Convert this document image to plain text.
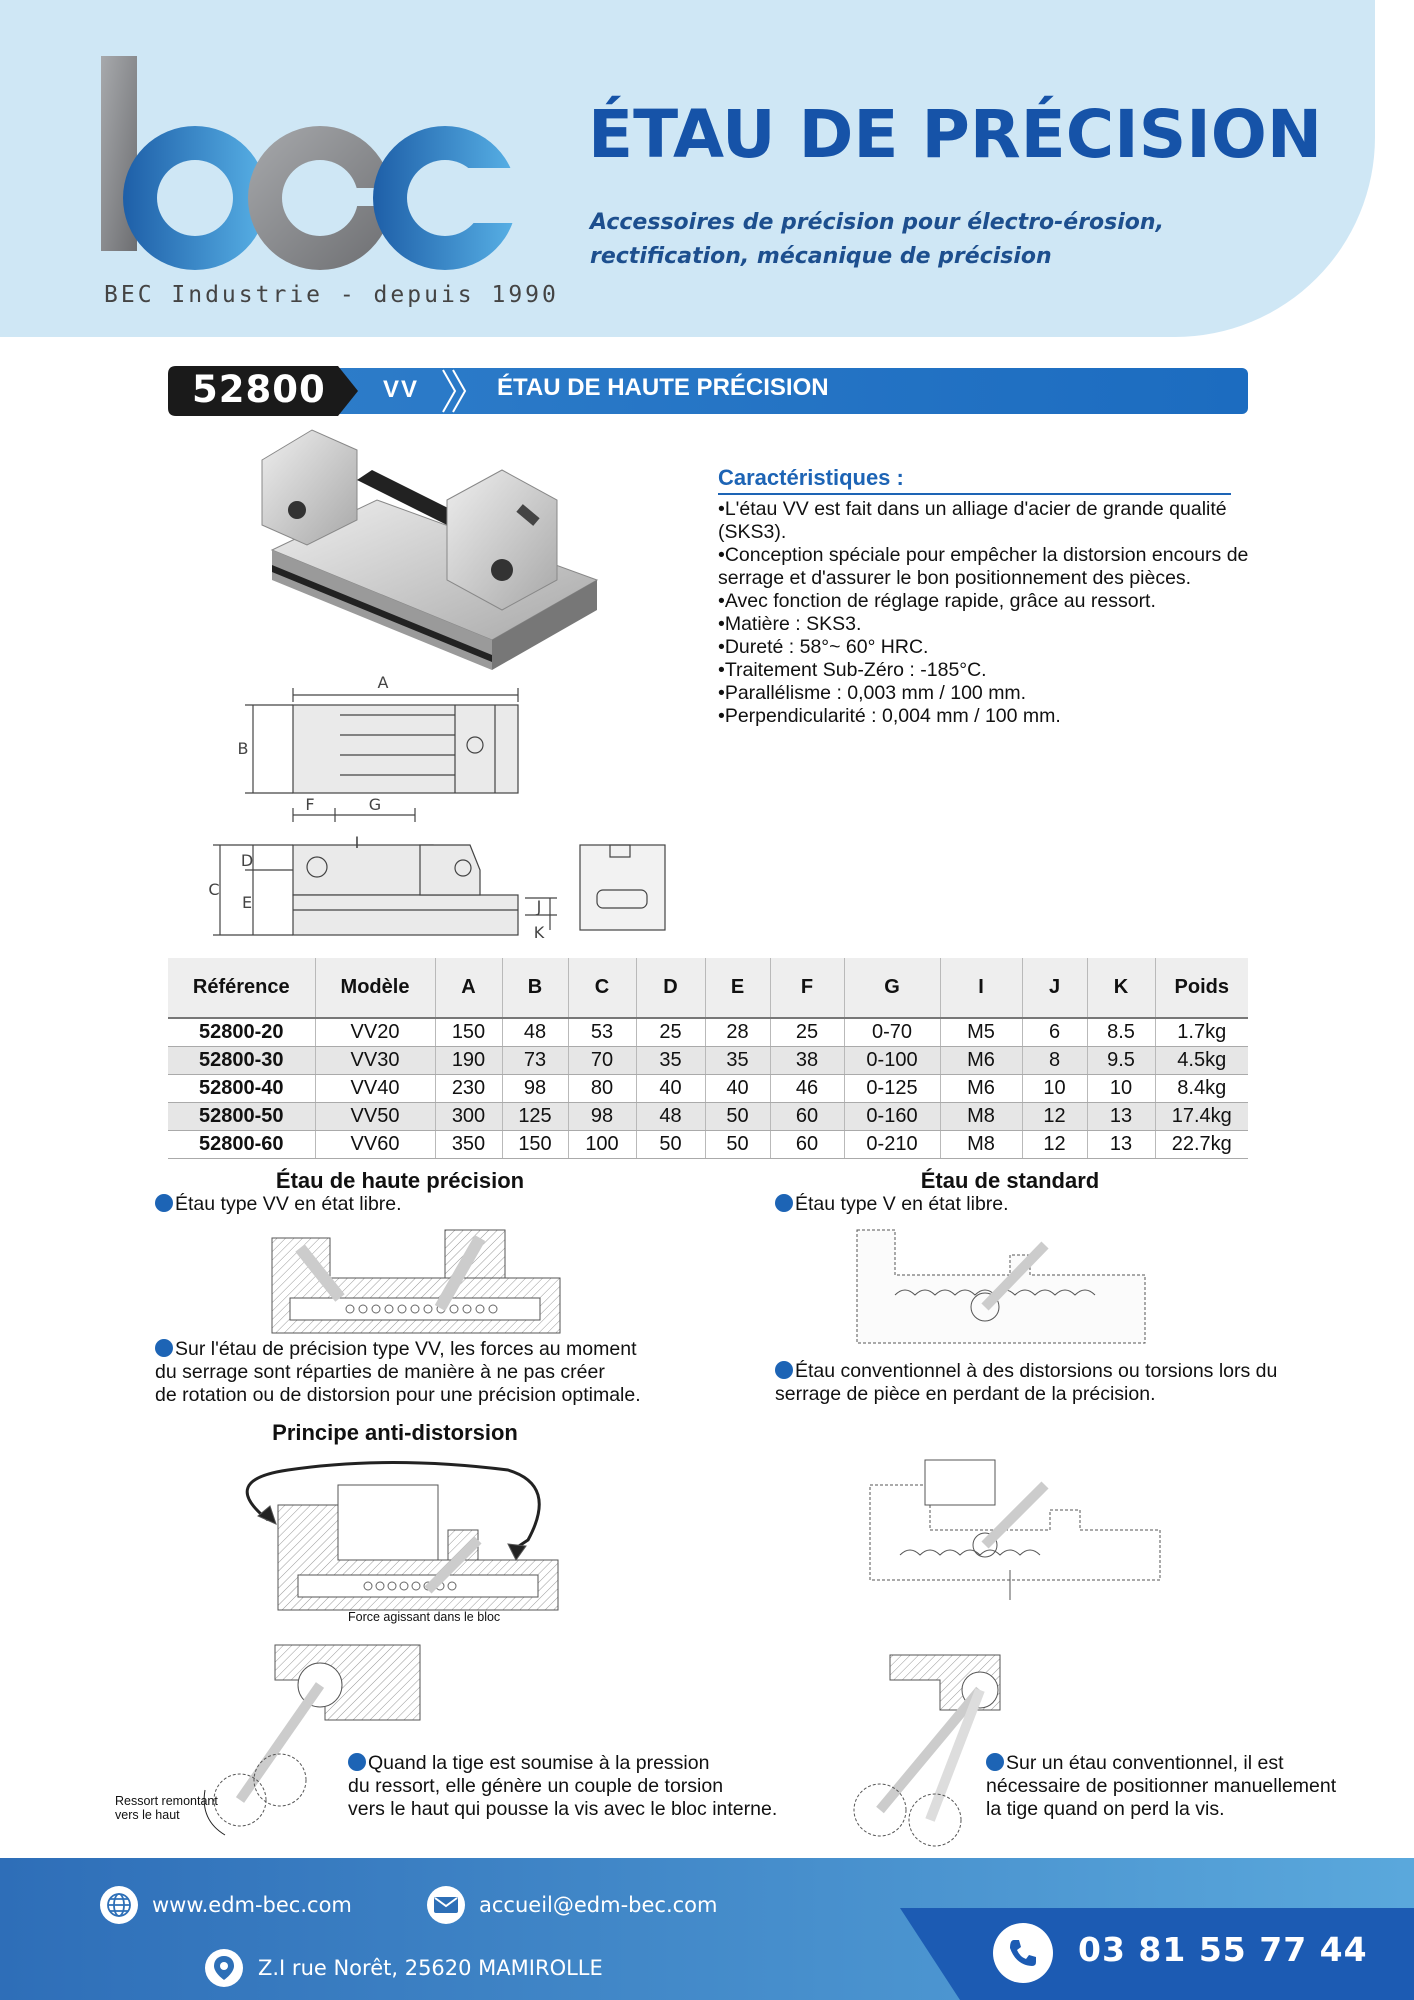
BEC Industrie - depuis 1990
ÉTAU DE PRÉCISION
Accessoires de précision pour électro-érosion, rectification, mécanique de précision
52800 VV	ÉTAU DE HAUTE PRÉCISION
A
B
F	G
I
C
D
E	J
K
Caractéristiques :
•L'étau VV est fait dans un alliage d'acier de grande qualité (SKS3).
•Conception spéciale pour empêcher la distorsion encours de serrage et d'assurer le bon positionnement des pièces.
•Avec fonction de réglage rapide, grâce au ressort.
•Matière : SKS3.
•Dureté : 58°~ 60° HRC.
•Traitement Sub-Zéro : -185°C.
•Parallélisme : 0,003 mm / 100 mm.
•Perpendicularité : 0,004 mm / 100 mm.
Référence	Modèle	A	B	C	D	E	F	G	I	J	K	Poids
52800-20	VV20	150	48	53	25	28	25	0-70	M5	6	8.5	1.7kg
52800-30	VV30	190	73	70	35	35	38	0-100	M6	8	9.5	4.5kg
52800-40	VV40	230	98	80	40	40	46	0-125	M6	10	10	8.4kg
52800-50	VV50	300	125	98	48	50	60	0-160	M8	12	13	17.4kg
52800-60	VV60	350	150	100	50	50	60	0-210	M8	12	13	22.7kg
Étau de haute précision
Étau type VV en état libre.
Sur l'étau de précision type VV, les forces au moment
du serrage sont réparties de manière à ne pas créer
de rotation ou de distorsion pour une précision optimale.
Étau de standard
Étau type V en état libre.
Étau conventionnel à des distorsions ou torsions lors du
serrage de pièce en perdant de la précision.
Principe anti-distorsion
Force agissant dans le bloc
Ressort remontant
vers le haut
Quand la tige est soumise à la pression
du ressort, elle génère un couple de torsion
vers le haut qui pousse la vis avec le bloc interne.
Sur un étau conventionnel, il est
nécessaire de positionner manuellement
la tige quand on perd la vis.
www.edm-bec.com	accueil@edm-bec.com
Z.I rue Norêt, 25620 MAMIROLLE	03 81 55 77 44
